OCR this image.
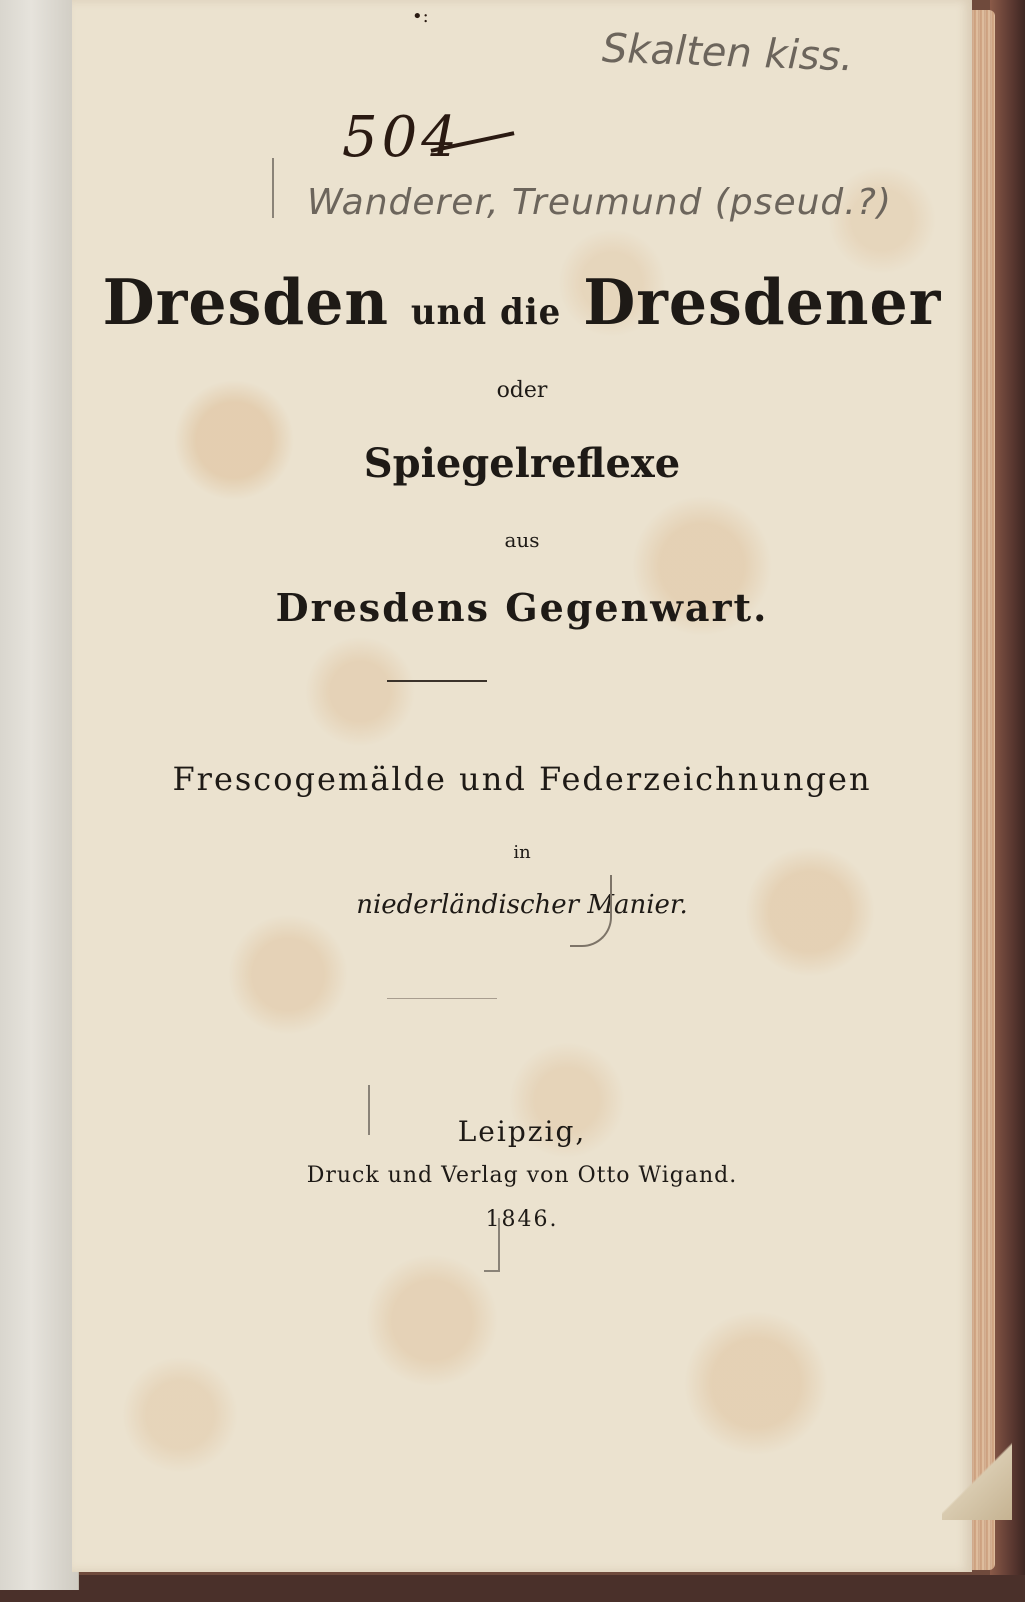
•:
Skalten kiss.
504
Wanderer, Treumund (pseud.?)
Dresden und die Dresdener
oder
Spiegelreflexe
aus
Dresdens Gegenwart.
Frescogemälde und Federzeichnungen
in
niederländischer Manier.
Leipzig,
Druck und Verlag von Otto Wigand.
1846.
